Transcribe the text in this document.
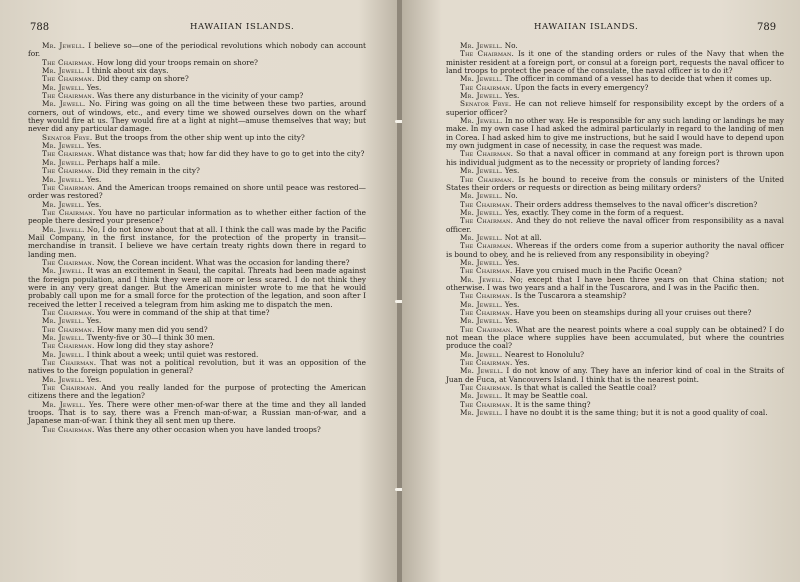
788	HAWAIIAN ISLANDS.

Mr. Jewell. I believe so—one of the periodical revolutions which nobody can account for.

The Chairman. How long did your troops remain on shore?

Mr. Jewell. I think about six days.

The Chairman. Did they camp on shore?

Mr. Jewell. Yes.

The Chairman. Was there any disturbance in the vicinity of your camp?

Mr. Jewell. No. Firing was going on all the time between these two parties, around corners, out of windows, etc., and every time we showed ourselves down on the wharf they would fire at us. They would fire at a light at night—amuse themselves that way; but never did any particular damage.

Senator Frye. But the troops from the other ship went up into the city?

Mr. Jewell. Yes.

The Chairman. What distance was that; how far did they have to go to get into the city?

Mr. Jewell. Perhaps half a mile.

The Chairman. Did they remain in the city?

Mr. Jewell. Yes.

The Chairman. And the American troops remained on shore until peace was restored—order was restored?

Mr. Jewell. Yes.

The Chairman. You have no particular information as to whether either faction of the people there desired your presence?

Mr. Jewell. No, I do not know about that at all. I think the call was made by the Pacific Mail Company, in the first instance, for the protection of the property in transit—merchandise in transit. I believe we have certain treaty rights down there in regard to landing men.

The Chairman. Now, the Corean incident. What was the occasion for landing there?

Mr. Jewell. It was an excitement in Seaul, the capital. Threats had been made against the foreign population, and I think they were all more or less scared. I do not think they were in any very great danger. But the American minister wrote to me that he would probably call upon me for a small force for the protection of the legation, and soon after I received the letter I received a telegram from him asking me to dispatch the men.

The Chairman. You were in command of the ship at that time?

Mr. Jewell. Yes.

The Chairman. How many men did you send?

Mr. Jewell. Twenty-five or 30—I think 30 men.

The Chairman. How long did they stay ashore?

Mr. Jewell. I think about a week; until quiet was restored.

The Chairman. That was not a political revolution, but it was an opposition of the natives to the foreign population in general?

Mr. Jewell. Yes.

The Chairman. And you really landed for the purpose of protecting the American citizens there and the legation?

Mr. Jewell. Yes. There were other men-of-war there at the time and they all landed troops. That is to say, there was a French man-of-war, a Russian man-of-war, and a Japanese man-of-war. I think they all sent men up there.

The Chairman. Was there any other occasion when you have landed troops?

HAWAIIAN ISLANDS.	789

Mr. Jewell. No.

The Chairman. Is it one of the standing orders or rules of the Navy that when the minister resident at a foreign port, or consul at a foreign port, requests the naval officer to land troops to protect the peace of the consulate, the naval officer is to do it?

Mr. Jewell. The officer in command of a vessel has to decide that when it comes up.

The Chairman. Upon the facts in every emergency?

Mr. Jewell. Yes.

Senator Frye. He can not relieve himself for responsibility except by the orders of a superior officer?

Mr. Jewell. In no other way. He is responsible for any such landing or landings he may make. In my own case I had asked the admiral particularly in regard to the landing of men in Corea. I had asked him to give me instructions, but he said I would have to depend upon my own judgment in case of necessity, in case the request was made.

The Chairman. So that a naval officer in command at any foreign port is thrown upon his individual judgment as to the necessity or propriety of landing forces?

Mr. Jewell. Yes.

The Chairman. Is he bound to receive from the consuls or ministers of the United States their orders or requests or direction as being military orders?

Mr. Jewell. No.

The Chairman. Their orders address themselves to the naval officer's discretion?

Mr. Jewell. Yes, exactly. They come in the form of a request.

The Chairman. And they do not relieve the naval officer from responsibility as a naval officer.

Mr. Jewell. Not at all.

The Chairman. Whereas if the orders come from a superior authority the naval officer is bound to obey, and he is relieved from any responsibility in obeying?

Mr. Jewell. Yes.

The Chairman. Have you cruised much in the Pacific Ocean?

Mr. Jewell. No; except that I have been three years on that China station; not otherwise. I was two years and a half in the Tuscarora, and I was in the Pacific then.

The Chairman. Is the Tuscarora a steamship?

Mr. Jewell. Yes.

The Chairman. Have you been on steamships during all your cruises out there?

Mr. Jewell. Yes.

The Chairman. What are the nearest points where a coal supply can be obtained? I do not mean the place where supplies have been accumulated, but where the countries produce the coal?

Mr. Jewell. Nearest to Honolulu?

The Chairman. Yes.

Mr. Jewell. I do not know of any. They have an inferior kind of coal in the Straits of Juan de Fuca, at Vancouvers Island. I think that is the nearest point.

The Chairman. Is that what is called the Seattle coal?

Mr. Jewell. It may be Seattle coal.

The Chairman. It is the same thing?

Mr. Jewell. I have no doubt it is the same thing; but it is not a good quality of coal.
